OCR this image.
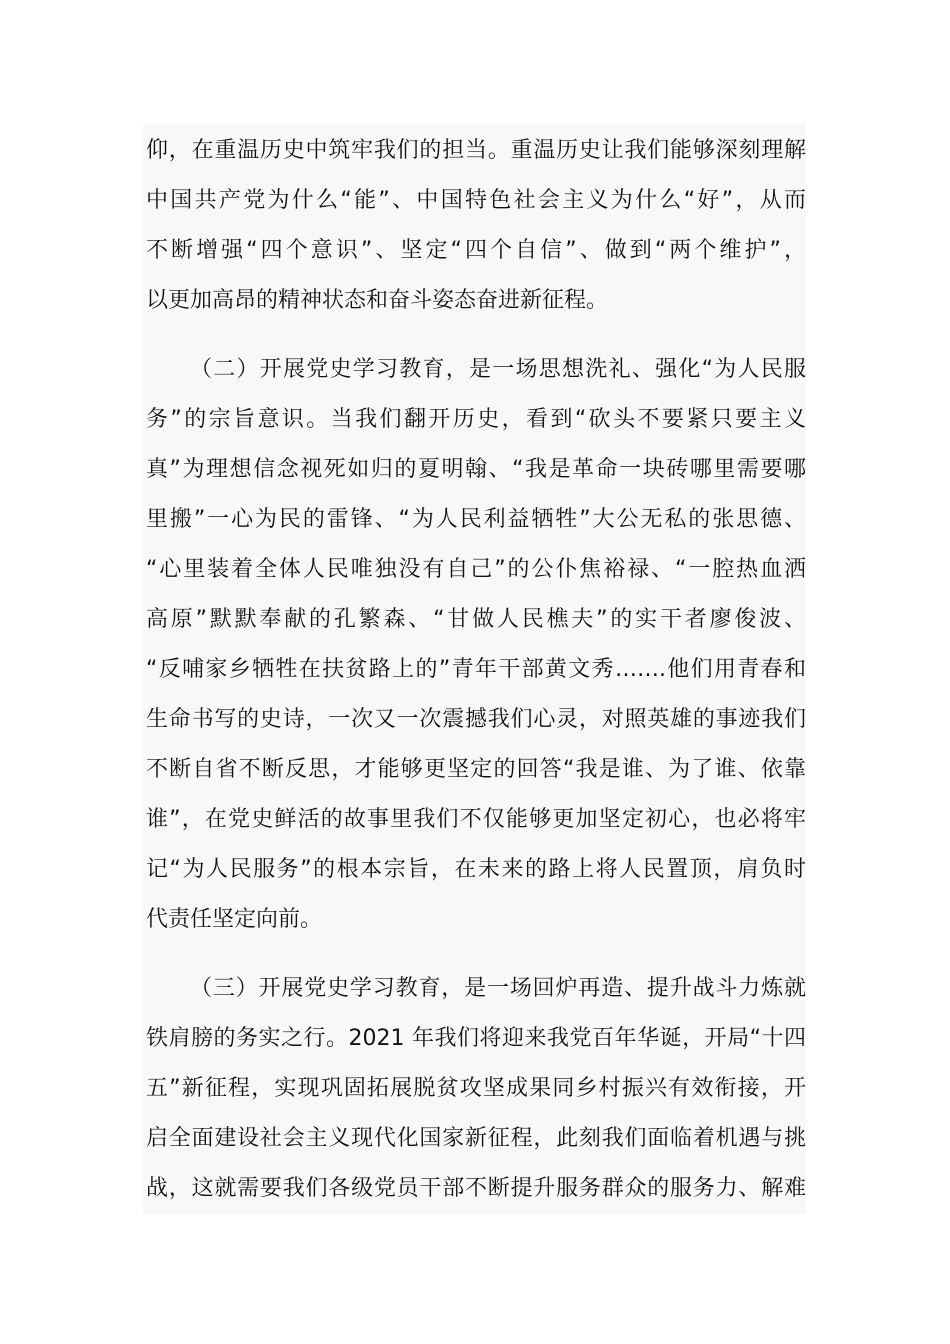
仰，在重温历史中筑牢我们的担当。重温历史让我们能够深刻理解

中国共产党为什么“能”、中国特色社会主义为什么“好”，从而

不断增强“四个意识”、坚定“四个自信”、做到“两个维护”，

以更加高昂的精神状态和奋斗姿态奋进新征程。

（二）开展党史学习教育，是一场思想洗礼、强化“为人民服

务”的宗旨意识。当我们翻开历史，看到“砍头不要紧只要主义

真”为理想信念视死如归的夏明翰、“我是革命一块砖哪里需要哪

里搬”一心为民的雷锋、“为人民利益牺牲”大公无私的张思德、

“心里装着全体人民唯独没有自己”的公仆焦裕禄、“一腔热血洒

高原”默默奉献的孔繁森、“甘做人民樵夫”的实干者廖俊波、

“反哺家乡牺牲在扶贫路上的”青年干部黄文秀…….他们用青春和

生命书写的史诗，一次又一次震撼我们心灵，对照英雄的事迹我们

不断自省不断反思，才能够更坚定的回答“我是谁、为了谁、依靠

谁”，在党史鲜活的故事里我们不仅能够更加坚定初心，也必将牢

记“为人民服务”的根本宗旨，在未来的路上将人民置顶，肩负时

代责任坚定向前。

（三）开展党史学习教育，是一场回炉再造、提升战斗力炼就

铁肩膀的务实之行。2021 年我们将迎来我党百年华诞，开局“十四

五”新征程，实现巩固拓展脱贫攻坚成果同乡村振兴有效衔接，开

启全面建设社会主义现代化国家新征程，此刻我们面临着机遇与挑

战，这就需要我们各级党员干部不断提升服务群众的服务力、解难
